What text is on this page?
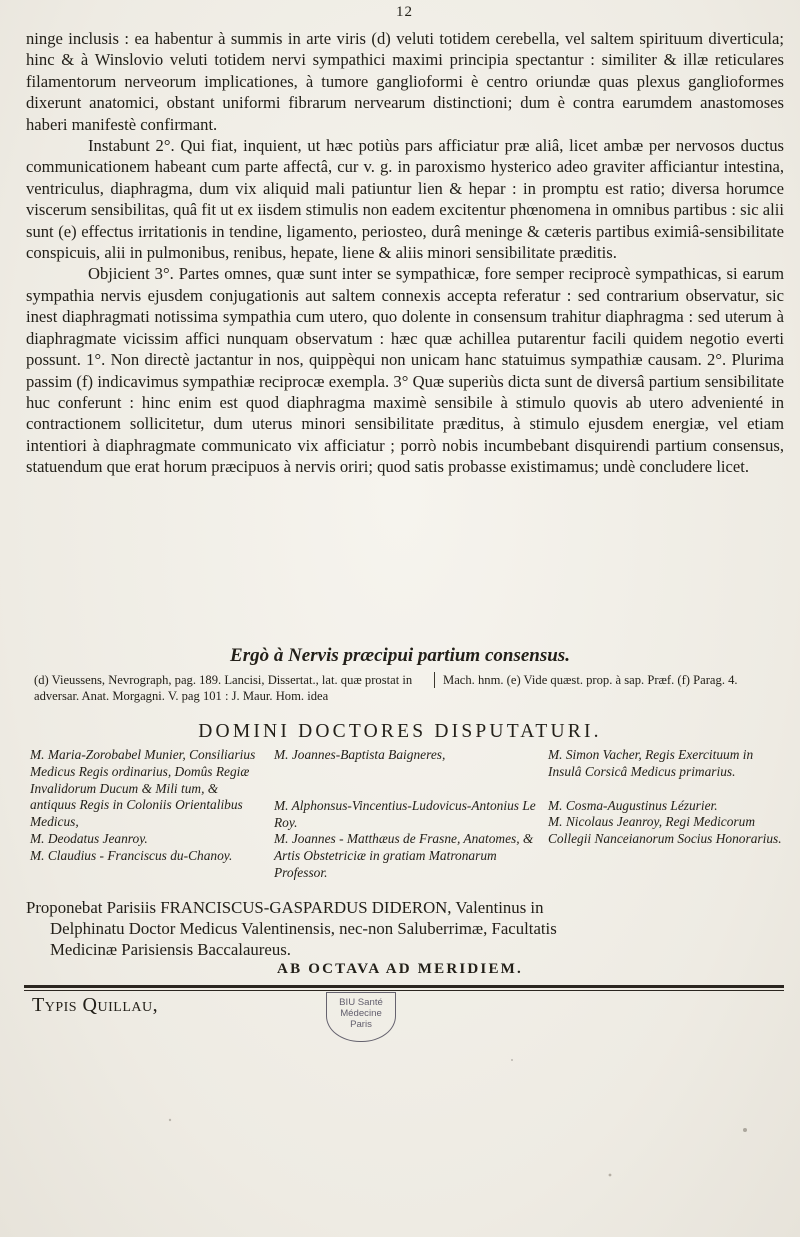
12

ninge inclusis : ea habentur à summis in arte viris (d) veluti totidem cerebella, vel saltem spirituum diverticula; hinc & à Winslovio veluti totidem nervi sympathici maximi principia spectantur : similiter & illæ reticulares filamentorum nerveorum implicationes, à tumore ganglioformi è centro oriundæ quas plexus ganglioformes dixerunt anatomici, obstant uniformi fibrarum nervearum distinctioni; dum è contra earumdem anastomoses haberi manifestè confirmant.

Instabunt 2°. Qui fiat, inquient, ut hæc potiùs pars afficiatur præ aliâ, licet ambæ per nervosos ductus communicationem habeant cum parte affectâ, cur v. g. in paroxismo hysterico adeo graviter afficiantur intestina, ventriculus, diaphragma, dum vix aliquid mali patiuntur lien & hepar : in promptu est ratio; diversa horumce viscerum sensibilitas, quâ fit ut ex iisdem stimulis non eadem excitentur phœnomena in omnibus partibus : sic alii sunt (e) effectus irritationis in tendine, ligamento, periosteo, durâ meninge & cæteris partibus eximiâ-sensibilitate conspicuis, alii in pulmonibus, renibus, hepate, liene & aliis minori sensibilitate præditis.

Objicient 3°. Partes omnes, quæ sunt inter se sympathicæ, fore semper reciprocè sympathicas, si earum sympathia nervis ejusdem conjugationis aut saltem connexis accepta referatur : sed contrarium observatur, sic inest diaphragmati notissima sympathia cum utero, quo dolente in consensum trahitur diaphragma : sed uterum à diaphragmate vicissim affici nunquam observatum : hæc quæ achillea putarentur facili quidem negotio everti possunt. 1°. Non directè jactantur in nos, quippèqui non unicam hanc statuimus sympathiæ causam. 2°. Plurima passim (f) indicavimus sympathiæ reciprocæ exempla. 3° Quæ superiùs dicta sunt de diversâ partium sensibilitate huc conferunt : hinc enim est quod diaphragma maximè sensibile à stimulo quovis ab utero advenienté in contractionem sollicitetur, dum uterus minori sensibilitate præditus, à stimulo ejusdem energiæ, vel etiam intentiori à diaphragmate communicato vix afficiatur ; porrò nobis incumbebant disquirendi partium consensus, statuendum que erat horum præcipuos à nervis oriri; quod satis probasse existimamus; undè concludere licet.

Ergò à Nervis præcipui partium consensus.
(d) Vieussens, Nevrograph, pag. 189. Lancisi, Dissertat., lat. quæ prostat in adversar. Anat. Morgagni. V. pag 101 : J. Maur. Hom. idea
Mach. hnm. (e) Vide quæst. prop. à sap. Præf. (f) Parag. 4.
DOMINI DOCTORES DISPUTATURI.
M. Maria-Zorobabel Munier, Consiliarius Medicus Regis ordinarius, Domûs Regiæ Invalidorum Ducum & Mili tum, & antiquus Regis in Coloniis Orientalibus Medicus,
M. Deodatus Jeanroy.
M. Claudius - Franciscus du-Chanoy.
M. Joannes-Baptista Baigneres,
M. Alphonsus-Vincentius-Ludovicus-Antonius Le Roy.
M. Joannes - Matthæus de Frasne, Anatomes, & Artis Obstetriciæ in gratiam Matronarum Professor.
M. Simon Vacher, Regis Exercituum in Insulâ Corsicâ Medicus primarius.
M. Cosma-Augustinus Lézurier.
M. Nicolaus Jeanroy, Regi Medicorum Collegii Nanceianorum Socius Honorarius.
Proponebat Parisiis FRANCISCUS-GASPARDUS DIDERON, Valentinus in
Delphinatu Doctor Medicus Valentinensis, nec-non Saluberrimæ, Facultatis
Medicinæ Parisiensis Baccalaureus.
AB OCTAVA AD MERIDIEM.
Typis Quillau,	BIU Santé
Médecine
Paris
